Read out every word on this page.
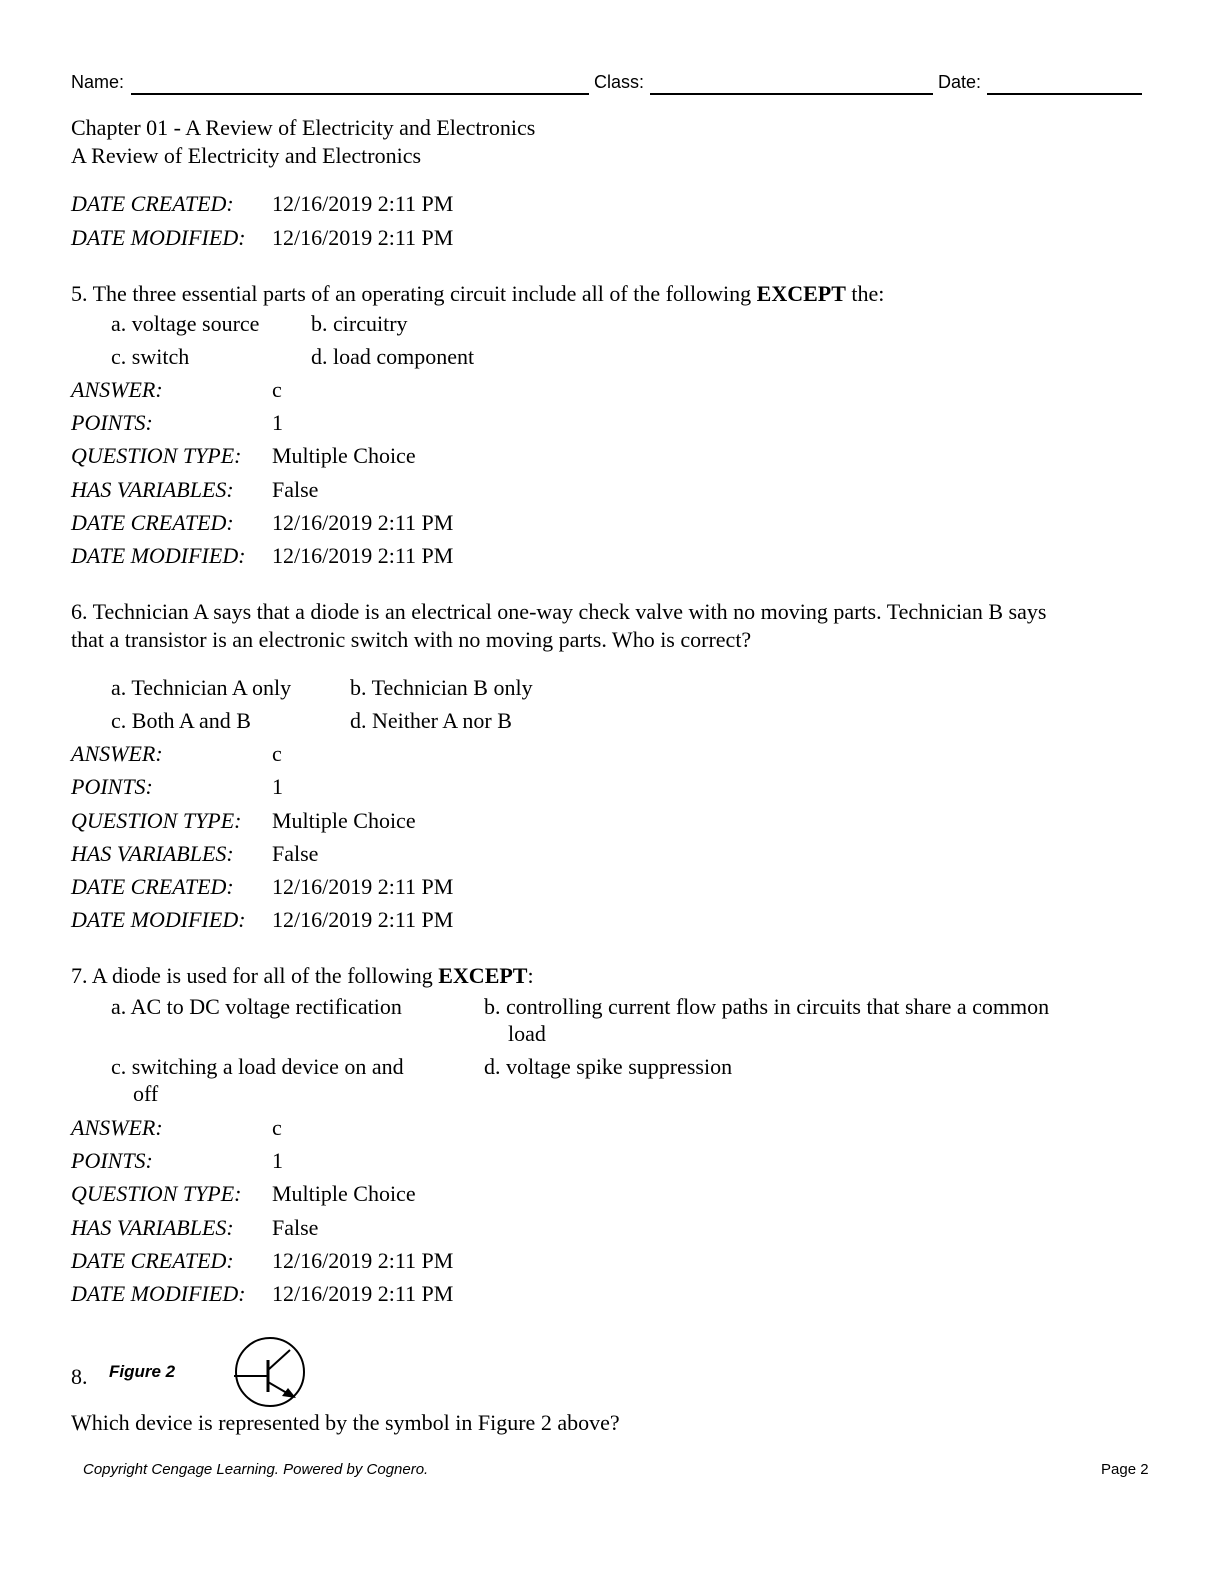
Name:	Class:	Date:
Chapter 01 - A Review of Electricity and Electronics
A Review of Electricity and Electronics
DATE CREATED: 12/16/2019 2:11 PM
DATE MODIFIED: 12/16/2019 2:11 PM
5. The three essential parts of an operating circuit include all of the following EXCEPT the:
a. voltage source b. circuitry
c. switch	d. load component
ANSWER:	c
POINTS:	1
QUESTION TYPE: Multiple Choice
HAS VARIABLES: False
DATE CREATED: 12/16/2019 2:11 PM
DATE MODIFIED: 12/16/2019 2:11 PM
6. Technician A says that a diode is an electrical one-way check valve with no moving parts. Technician B says
that a transistor is an electronic switch with no moving parts. Who is correct?
a. Technician A only	b. Technician B only
c. Both A and B	d. Neither A nor B
ANSWER:	c
POINTS:	1
QUESTION TYPE: Multiple Choice
HAS VARIABLES: False
DATE CREATED: 12/16/2019 2:11 PM
DATE MODIFIED: 12/16/2019 2:11 PM
7. A diode is used for all of the following EXCEPT:
a. AC to DC voltage rectification	b. controlling current flow paths in circuits that share a common
load
c. switching a load device on and
off
d. voltage spike suppression
ANSWER:	c
POINTS:	1
QUESTION TYPE: Multiple Choice
HAS VARIABLES: False
DATE CREATED: 12/16/2019 2:11 PM
DATE MODIFIED: 12/16/2019 2:11 PM
8. Figure 2
Which device is represented by the symbol in Figure 2 above?
Copyright Cengage Learning. Powered by Cognero.	Page 2
